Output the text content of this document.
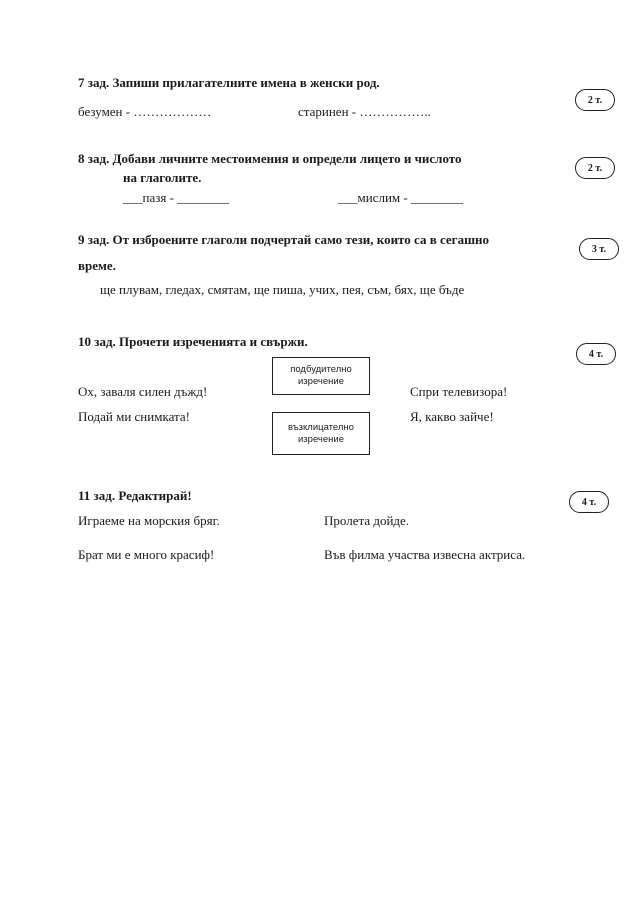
7 зад. Запиши прилагателните имена в женски род.
безумен - ………………	старинен - ……………..
2 т.
8 зад. Добави личните местоимения и определи лицето и числото
на глаголите.
___пазя - ________	___мислим - ________
2 т.
9 зад. От изброените глаголи подчертай само тези, които са в сегашно
време.
ще плувам, гледах, смятам, ще пиша, учих, пея, съм, бях, ще бъде
3 т.
10 зад. Прочети изреченията и свържи.
Ох, заваля силен дъжд!
Подай ми снимката!
подбудително изречение
възклицателно изречение
Спри телевизора!
Я, какво зайче!
4 т.
11 зад. Редактирай!
Играеме на морския бряг.	Пролета дойде.
Брат ми е много красиф!	Във филма участва извесна актриса.
4 т.
